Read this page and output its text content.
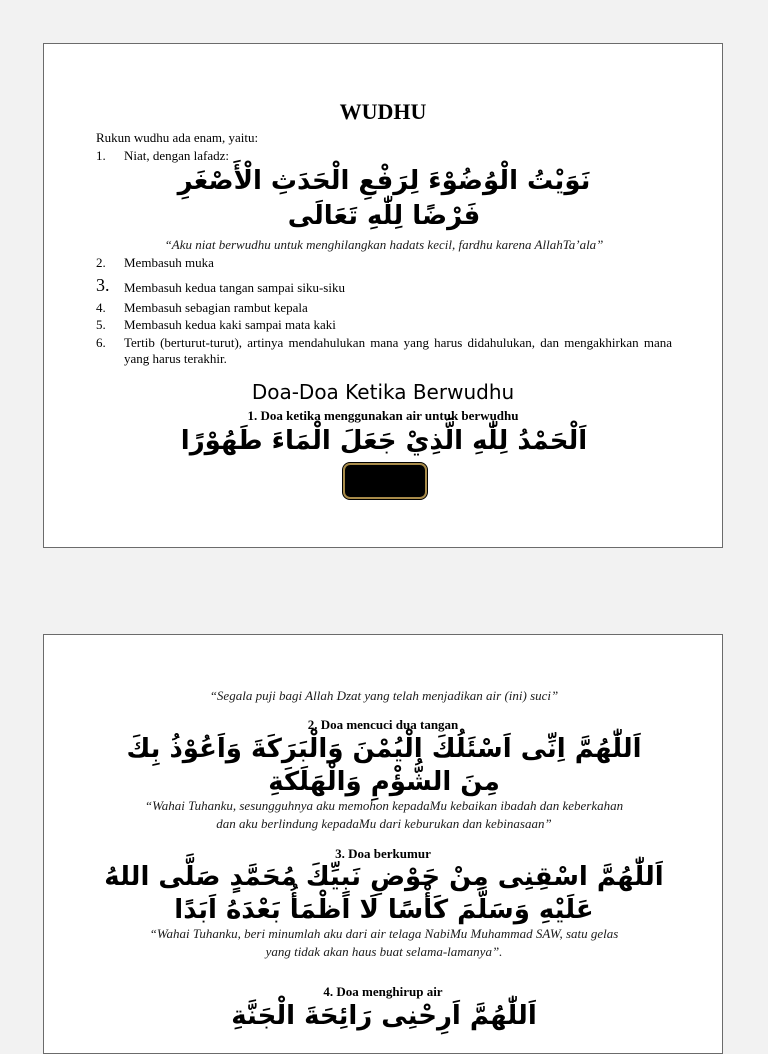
WUDHU
Rukun wudhu ada enam, yaitu:
1.	Niat, dengan lafadz:
نَوَيْتُ الْوُضُوْءَ لِرَفْعِ الْحَدَثِ الْأَصْغَرِ
فَرْضًا لِلّٰهِ تَعَالَى
“Aku niat berwudhu untuk menghilangkan hadats kecil, fardhu karena AllahTa’ala”
2.	Membasuh muka
3.	Membasuh kedua tangan sampai siku-siku
4.	Membasuh sebagian rambut kepala
5.	Membasuh kedua kaki sampai mata kaki
6.	Tertib (berturut-turut), artinya mendahulukan mana yang harus didahulukan, dan mengakhirkan mana yang harus terakhir.
Doa-Doa Ketika Berwudhu
1. Doa ketika menggunakan air untuk berwudhu
اَلْحَمْدُ لِلّٰهِ الَّذِيْ جَعَلَ الْمَاءَ طَهُوْرًا
“Segala puji bagi Allah Dzat yang telah menjadikan air (ini) suci”
2. Doa mencuci dua tangan
اَللّٰهُمَّ اِنِّى اَسْئَلُكَ الْيُمْنَ وَالْبَرَكَةَ وَاَعُوْذُ بِكَ
مِنَ الشُّؤْمِ وَالْهَلَكَةِ
“Wahai Tuhanku, sesungguhnya aku memohon kepadaMu kebaikan ibadah dan keberkahan
dan aku berlindung kepadaMu dari keburukan dan kebinasaan”
3. Doa berkumur
اَللّٰهُمَّ اسْقِنِى مِنْ حَوْضِ نَبِيِّكَ مُحَمَّدٍ صَلَّى اللهُ
عَلَيْهِ وَسَلَّمَ كَأْسًا لَا اَظْمَأُ بَعْدَهُ اَبَدًا
“Wahai Tuhanku, beri minumlah aku dari air telaga NabiMu Muhammad SAW, satu gelas
yang tidak akan haus buat selama-lamanya”.
4. Doa menghirup air
اَللّٰهُمَّ اَرِحْنِى رَائِحَةَ الْجَنَّةِ
